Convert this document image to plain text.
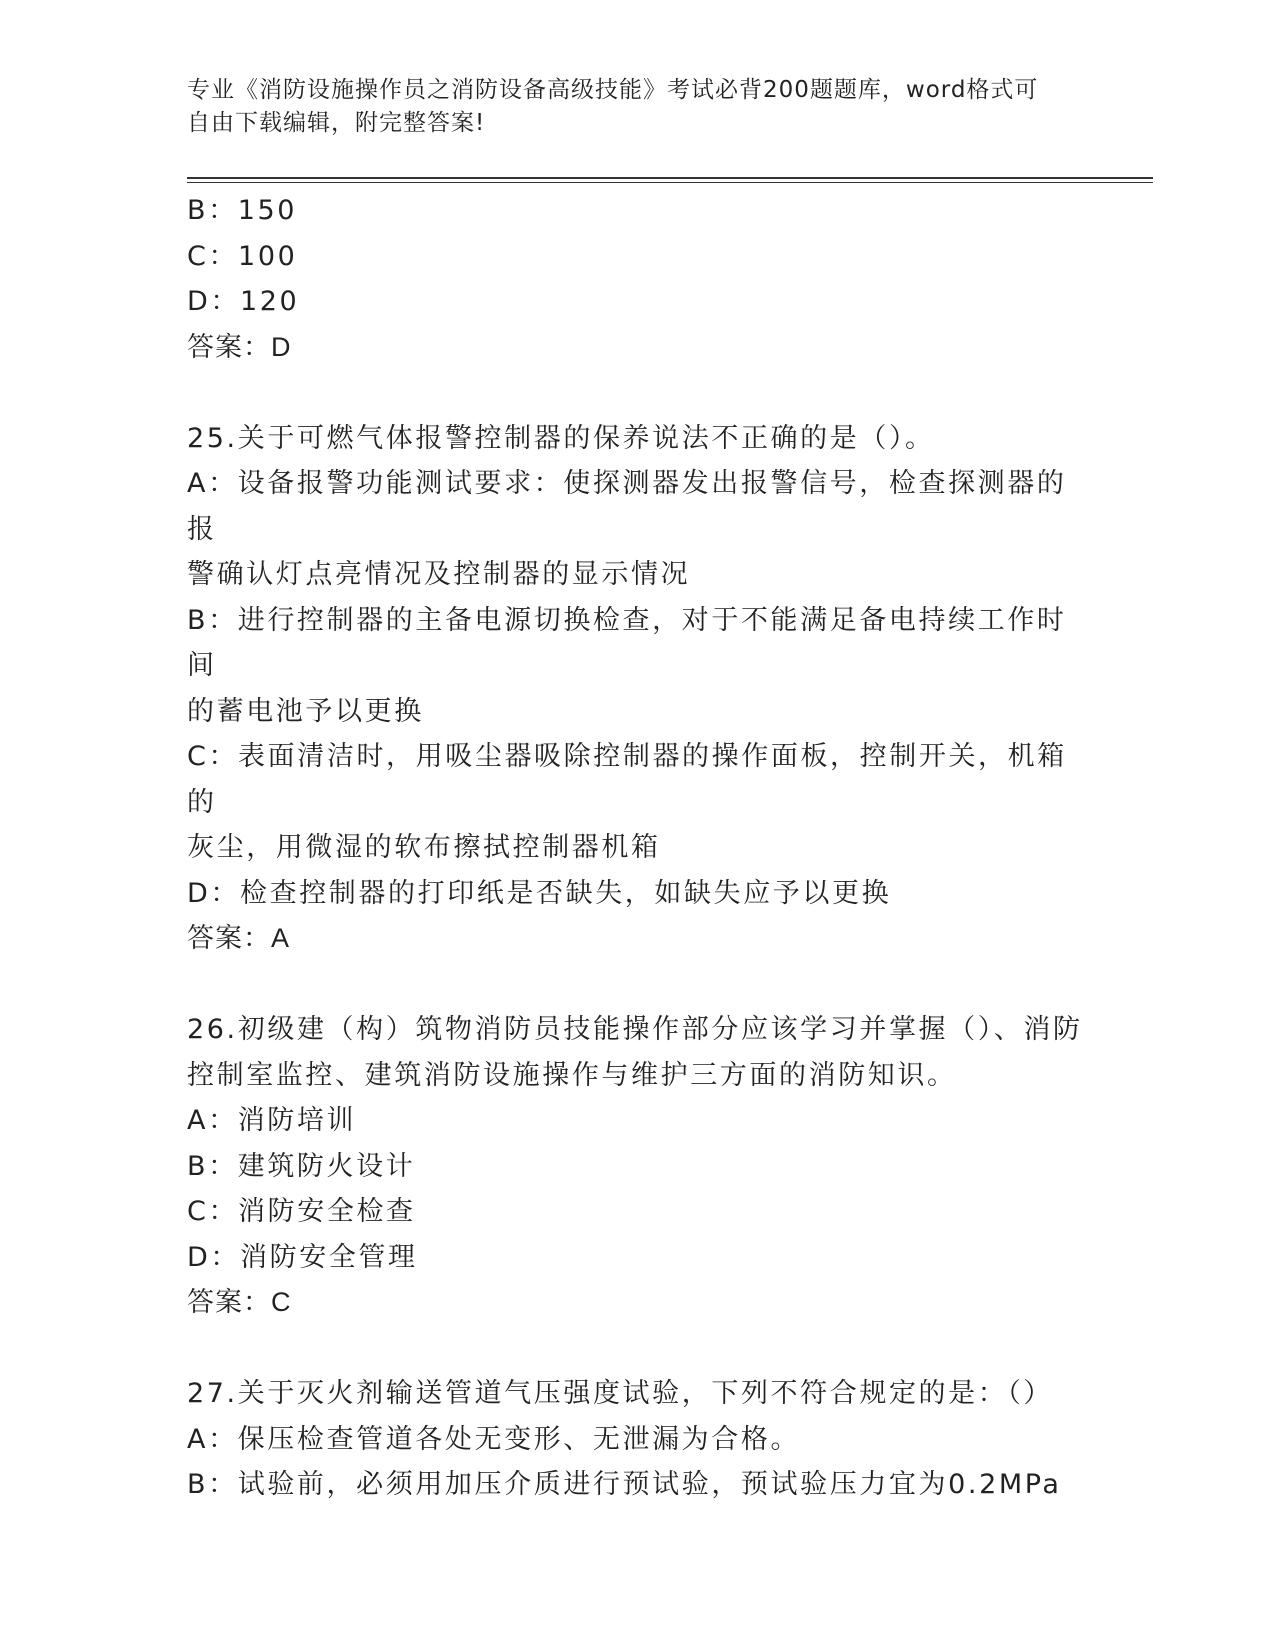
专业《消防设施操作员之消防设备高级技能》考试必背200题题库，word格式可
自由下载编辑，附完整答案!
B：150
C：100
D：120
答案：D
25.关于可燃气体报警控制器的保养说法不正确的是（）。
A：设备报警功能测试要求：使探测器发出报警信号，检查探测器的报
警确认灯点亮情况及控制器的显示情况
B：进行控制器的主备电源切换检查，对于不能满足备电持续工作时间
的蓄电池予以更换
C：表面清洁时，用吸尘器吸除控制器的操作面板，控制开关，机箱的
灰尘，用微湿的软布擦拭控制器机箱
D：检查控制器的打印纸是否缺失，如缺失应予以更换
答案：A
26.初级建（构）筑物消防员技能操作部分应该学习并掌握（）、消防
控制室监控、建筑消防设施操作与维护三方面的消防知识。
A：消防培训
B：建筑防火设计
C：消防安全检查
D：消防安全管理
答案：C
27.关于灭火剂输送管道气压强度试验，下列不符合规定的是：（）
A：保压检查管道各处无变形、无泄漏为合格。
B：试验前，必须用加压介质进行预试验，预试验压力宜为0.2MPa
